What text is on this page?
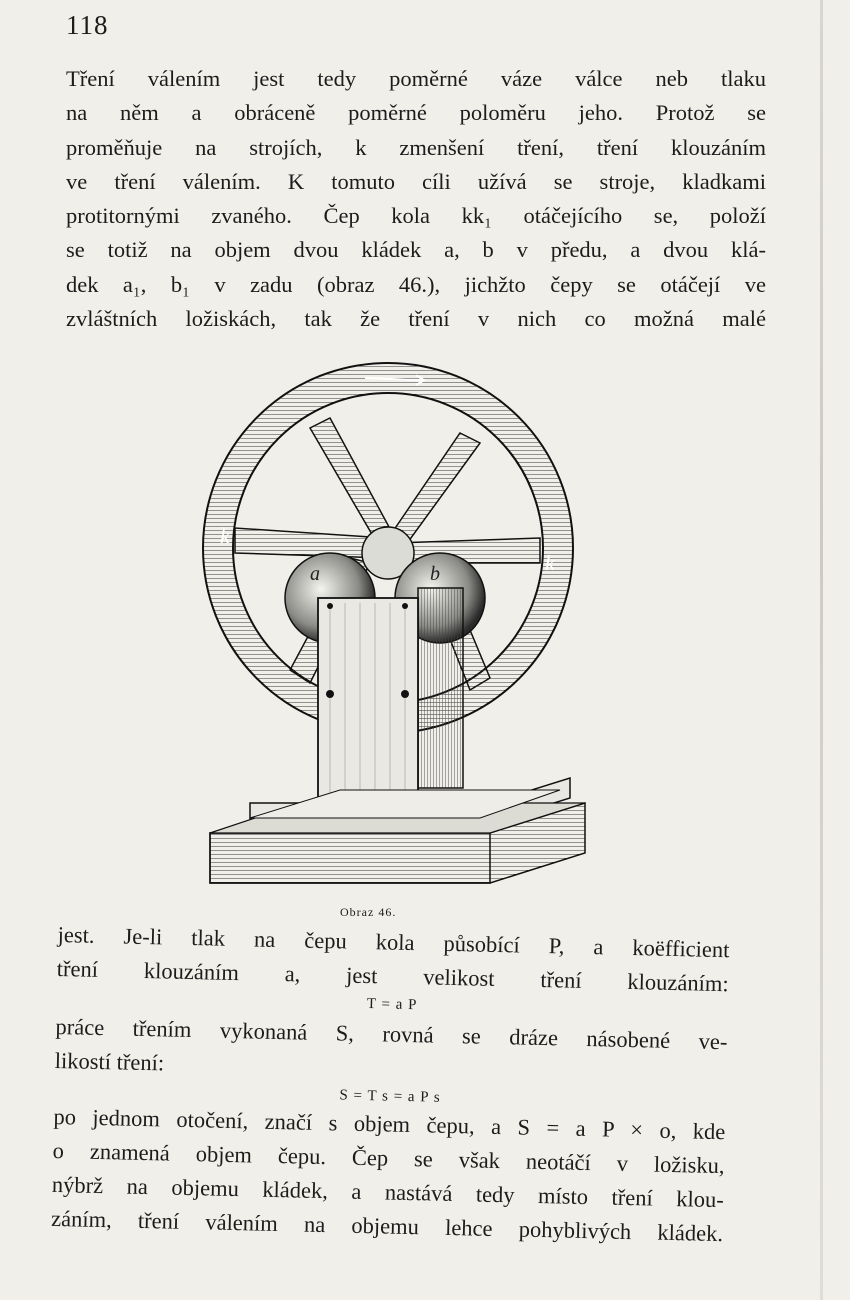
118
Tření válením jest tedy poměrné váze válce neb tlaku
na něm a obráceně poměrné poloměru jeho. Protož se
proměňuje na strojích, k zmenšení tření, tření klouzáním
ve tření válením. K tomuto cíli užívá se stroje, kladkami
protitornými zvaného. Čep kola kk₁ otáčejícího se, položí
se totiž na objem dvou kládek a, b v předu, a dvou klá-
dek a₁, b₁ v zadu (obraz 46.), jichžto čepy se otáčejí ve
zvláštních ložiskách, tak že tření v nich co možná malé
k
k
a	b
Obraz 46.
jest. Je-li tlak na čepu kola působící P, a koëfficient
tření klouzáním a, jest velikost tření klouzáním:
T = a P
práce třením vykonaná S, rovná se dráze násobené ve-
likostí tření:
S = T s = a P s
po jednom otočení, značí s objem čepu, a S = a P × o, kde
o znamená objem čepu. Čep se však neotáčí v ložisku,
nýbrž na objemu kládek, a nastává tedy místo tření klou-
záním, tření válením na objemu lehce pohyblivých kládek.
